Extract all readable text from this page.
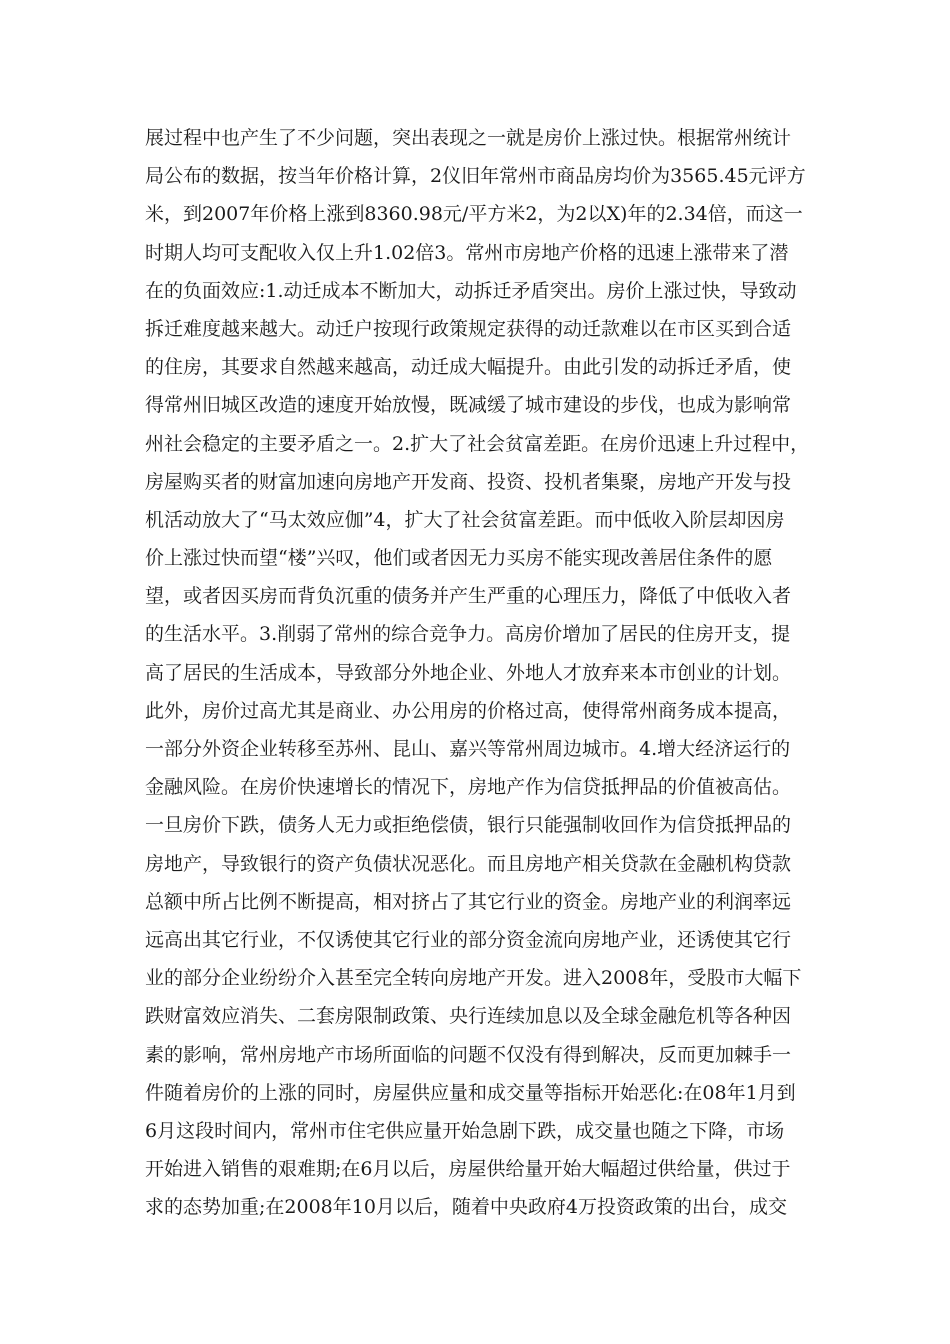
展过程中也产生了不少问题，突出表现之一就是房价上涨过快。根据常州统计
局公布的数据，按当年价格计算，2仪旧年常州市商品房均价为3565.45元评方
米，到2007年价格上涨到8360.98元/平方米2，为2以X)年的2.34倍，而这一
时期人均可支配收入仅上升1.02倍3。常州市房地产价格的迅速上涨带来了潜
在的负面效应:1.动迁成本不断加大，动拆迁矛盾突出。房价上涨过快，导致动
拆迁难度越来越大。动迁户按现行政策规定获得的动迁款难以在市区买到合适
的住房，其要求自然越来越高，动迁成大幅提升。由此引发的动拆迁矛盾，使
得常州旧城区改造的速度开始放慢，既减缓了城市建设的步伐，也成为影响常
州社会稳定的主要矛盾之一。2.扩大了社会贫富差距。在房价迅速上升过程中，
房屋购买者的财富加速向房地产开发商、投资、投机者集聚，房地产开发与投
机活动放大了“马太效应伽”4，扩大了社会贫富差距。而中低收入阶层却因房
价上涨过快而望“楼”兴叹，他们或者因无力买房不能实现改善居住条件的愿
望，或者因买房而背负沉重的债务并产生严重的心理压力，降低了中低收入者
的生活水平。3.削弱了常州的综合竞争力。高房价增加了居民的住房开支，提
高了居民的生活成本，导致部分外地企业、外地人才放弃来本市创业的计划。
此外，房价过高尤其是商业、办公用房的价格过高，使得常州商务成本提高，
一部分外资企业转移至苏州、昆山、嘉兴等常州周边城市。4.增大经济运行的
金融风险。在房价快速增长的情况下，房地产作为信贷抵押品的价值被高估。
一旦房价下跌，债务人无力或拒绝偿债，银行只能强制收回作为信贷抵押品的
房地产，导致银行的资产负债状况恶化。而且房地产相关贷款在金融机构贷款
总额中所占比例不断提高，相对挤占了其它行业的资金。房地产业的利润率远
远高出其它行业，不仅诱使其它行业的部分资金流向房地产业，还诱使其它行
业的部分企业纷纷介入甚至完全转向房地产开发。进入2008年，受股市大幅下
跌财富效应消失、二套房限制政策、央行连续加息以及全球金融危机等各种因
素的影响，常州房地产市场所面临的问题不仅没有得到解决，反而更加棘手一
件随着房价的上涨的同时，房屋供应量和成交量等指标开始恶化:在08年1月到
6月这段时间内，常州市住宅供应量开始急剧下跌，成交量也随之下降，市场
开始进入销售的艰难期;在6月以后，房屋供给量开始大幅超过供给量，供过于
求的态势加重;在2008年10月以后，随着中央政府4万投资政策的出台，成交
